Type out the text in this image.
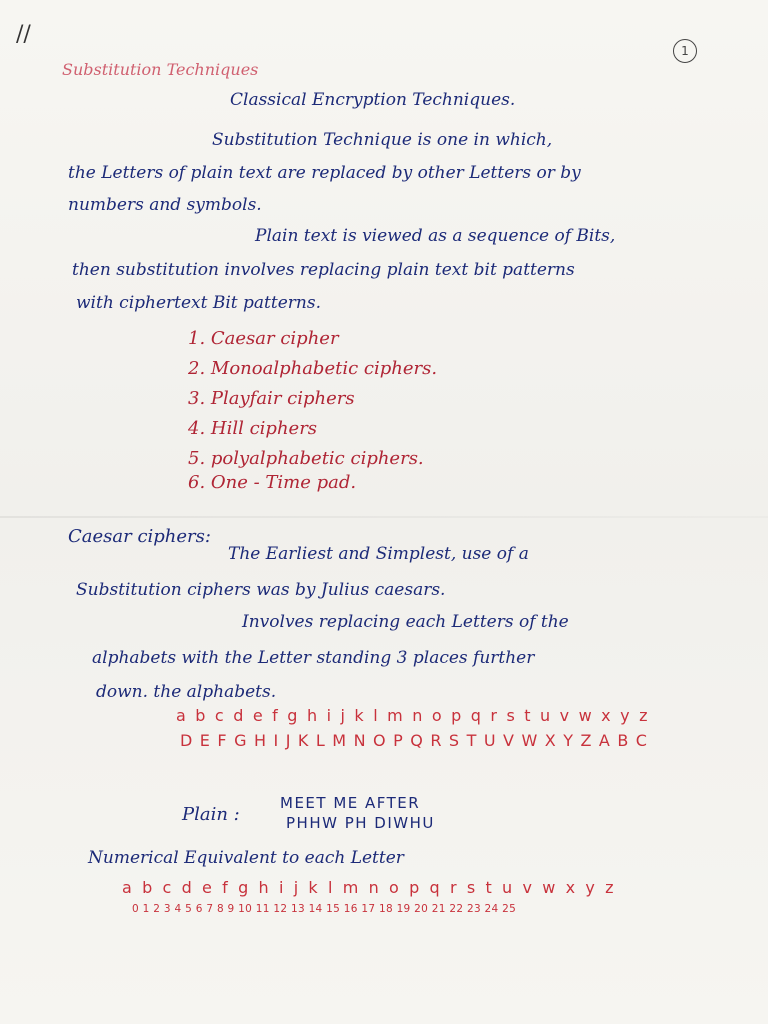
//
1
Substitution Techniques
Classical Encryption Techniques.
Substitution Technique is one in which,
the Letters of plain text are replaced by other Letters or by
numbers and symbols.
Plain text is viewed as a sequence of Bits,
then substitution involves replacing plain text bit patterns
with ciphertext Bit patterns.
1. Caesar cipher
2. Monoalphabetic ciphers.
3. Playfair ciphers
4. Hill ciphers
5. polyalphabetic ciphers.
6. One - Time pad.
Caesar ciphers:
The Earliest and Simplest, use of a
Substitution ciphers was by Julius caesars.
Involves replacing each Letters of the
alphabets with the Letter standing 3 places further
down. the alphabets.
a b c d e f g h i j k l m n o p q r s t u v w x y z
D E F G H I J K L M N O P Q R S T U V W X Y Z A B C
Plain :
MEET ME AFTER
PHHW PH DIWHU
Numerical Equivalent to each Letter
a b c d e f g h i j k l m n o p q r s t u v w x y z
0 1 2 3 4 5 6 7 8 9 10 11 12 13 14 15 16 17 18 19 20 21 22 23 24 25
